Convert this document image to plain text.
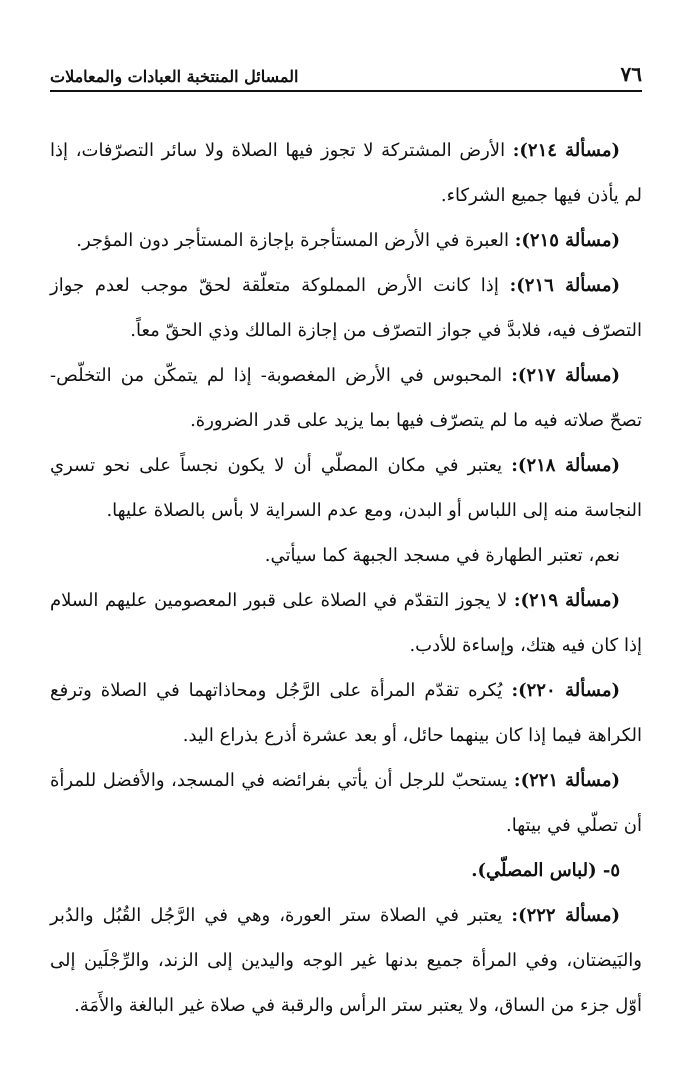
٧٦
المسائل المنتخبة العبادات والمعاملات

(مسألة ٢١٤): الأرض المشتركة لا تجوز فيها الصلاة ولا سائر التصرّفات، إذا لم يأذن فيها جميع الشركاء.

(مسألة ٢١٥): العبرة في الأرض المستأجرة بإجازة المستأجر دون المؤجر.

(مسألة ٢١٦): إذا كانت الأرض المملوكة متعلّقة لحقّ موجب لعدم جواز التصرّف فيه، فلابدَّ في جواز التصرّف من إجازة المالك وذي الحقّ معاً.

(مسألة ٢١٧): المحبوس في الأرض المغصوبة- إذا لم يتمكّن من التخلّص- تصحّ صلاته فيه ما لم يتصرّف فيها بما يزيد على قدر الضرورة.

(مسألة ٢١٨): يعتبر في مكان المصلّي أن لا يكون نجساً على نحو تسري النجاسة منه إلى اللباس أو البدن، ومع عدم السراية لا بأس بالصلاة عليها.

نعم، تعتبر الطهارة في مسجد الجبهة كما سيأتي.

(مسألة ٢١٩): لا يجوز التقدّم في الصلاة على قبور المعصومين عليهم السلام إذا كان فيه هتك، وإساءة للأدب.

(مسألة ٢٢٠): يُكره تقدّم المرأة على الرَّجُل ومحاذاتهما في الصلاة وترفع الكراهة فيما إذا كان بينهما حائل، أو بعد عشرة أذرع بذراع اليد.

(مسألة ٢٢١): يستحبّ للرجل أن يأتي بفرائضه في المسجد، والأفضل للمرأة أن تصلّي في بيتها.

٥- (لباس المصلّي).

(مسألة ٢٢٢): يعتبر في الصلاة ستر العورة، وهي في الرَّجُل القُبُل والدُبر والبَيضتان، وفي المرأة جميع بدنها غير الوجه واليدين إلى الزند، والرِّجْلَين إلى أوّل جزء من الساق، ولا يعتبر ستر الرأس والرقبة في صلاة غير البالغة والأَمَة.
